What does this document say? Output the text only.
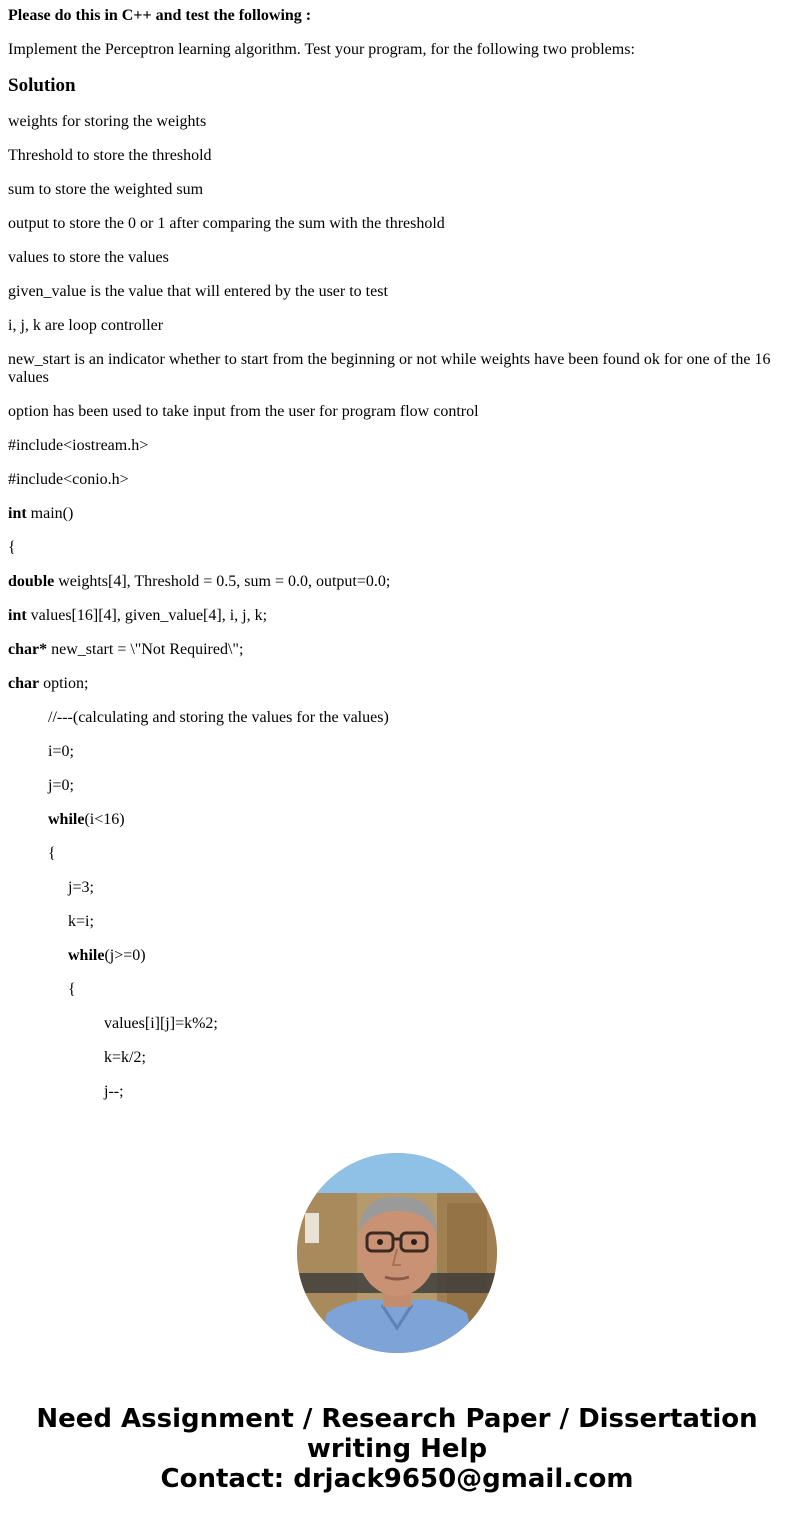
Please do this in C++ and test the following :

Implement the Perceptron learning algorithm. Test your program, for the following two problems:

Solution

weights for storing the weights

Threshold to store the threshold

sum to store the weighted sum

output to store the 0 or 1 after comparing the sum with the threshold

values to store the values

given_value is the value that will entered by the user to test

i, j, k are loop controller

new_start is an indicator whether to start from the beginning or not while weights have been found ok for one of the 16 values

option has been used to take input from the user for program flow control

#include<iostream.h>

#include<conio.h>

int main()

{

double weights[4], Threshold = 0.5, sum = 0.0, output=0.0;

int values[16][4], given_value[4], i, j, k;

char* new_start = \"Not Required\";

char option;

//---(calculating and storing the values for the values)

i=0;

j=0;

while(i<16)

{

j=3;

k=i;

while(j>=0)

{

values[i][j]=k%2;

k=k/2;

j--;

Need Assignment / Research Paper / Dissertation
writing Help
Contact: drjack9650@gmail.com
